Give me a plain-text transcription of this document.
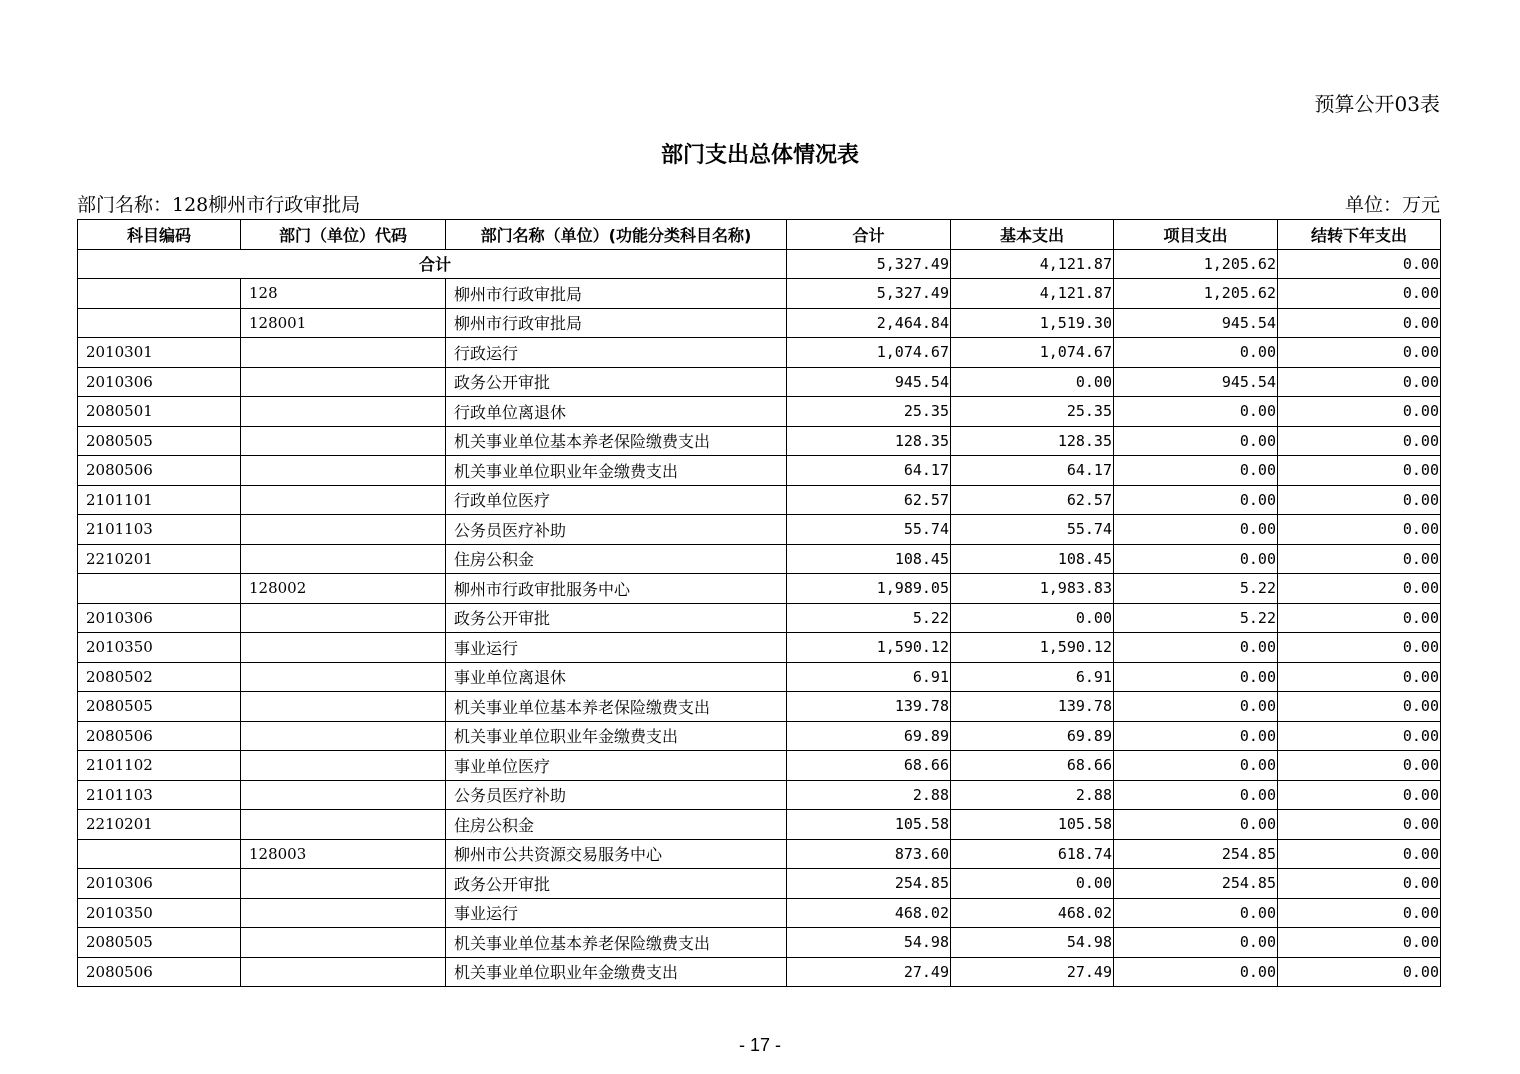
预算公开03表
部门支出总体情况表
部门名称：128柳州市行政审批局	单位：万元
科目编码	部门（单位）代码	部门名称（单位）(功能分类科目名称)	合计	基本支出	项目支出	结转下年支出
合计			5,327.49	4,121.87	1,205.62	0.00
	128	柳州市行政审批局	5,327.49	4,121.87	1,205.62	0.00
	128001	柳州市行政审批局	2,464.84	1,519.30	945.54	0.00
2010301		行政运行	1,074.67	1,074.67	0.00	0.00
2010306		政务公开审批	945.54	0.00	945.54	0.00
2080501		行政单位离退休	25.35	25.35	0.00	0.00
2080505		机关事业单位基本养老保险缴费支出	128.35	128.35	0.00	0.00
2080506		机关事业单位职业年金缴费支出	64.17	64.17	0.00	0.00
2101101		行政单位医疗	62.57	62.57	0.00	0.00
2101103		公务员医疗补助	55.74	55.74	0.00	0.00
2210201		住房公积金	108.45	108.45	0.00	0.00
	128002	柳州市行政审批服务中心	1,989.05	1,983.83	5.22	0.00
2010306		政务公开审批	5.22	0.00	5.22	0.00
2010350		事业运行	1,590.12	1,590.12	0.00	0.00
2080502		事业单位离退休	6.91	6.91	0.00	0.00
2080505		机关事业单位基本养老保险缴费支出	139.78	139.78	0.00	0.00
2080506		机关事业单位职业年金缴费支出	69.89	69.89	0.00	0.00
2101102		事业单位医疗	68.66	68.66	0.00	0.00
2101103		公务员医疗补助	2.88	2.88	0.00	0.00
2210201		住房公积金	105.58	105.58	0.00	0.00
	128003	柳州市公共资源交易服务中心	873.60	618.74	254.85	0.00
2010306		政务公开审批	254.85	0.00	254.85	0.00
2010350		事业运行	468.02	468.02	0.00	0.00
2080505		机关事业单位基本养老保险缴费支出	54.98	54.98	0.00	0.00
2080506		机关事业单位职业年金缴费支出	27.49	27.49	0.00	0.00
- 17 -
